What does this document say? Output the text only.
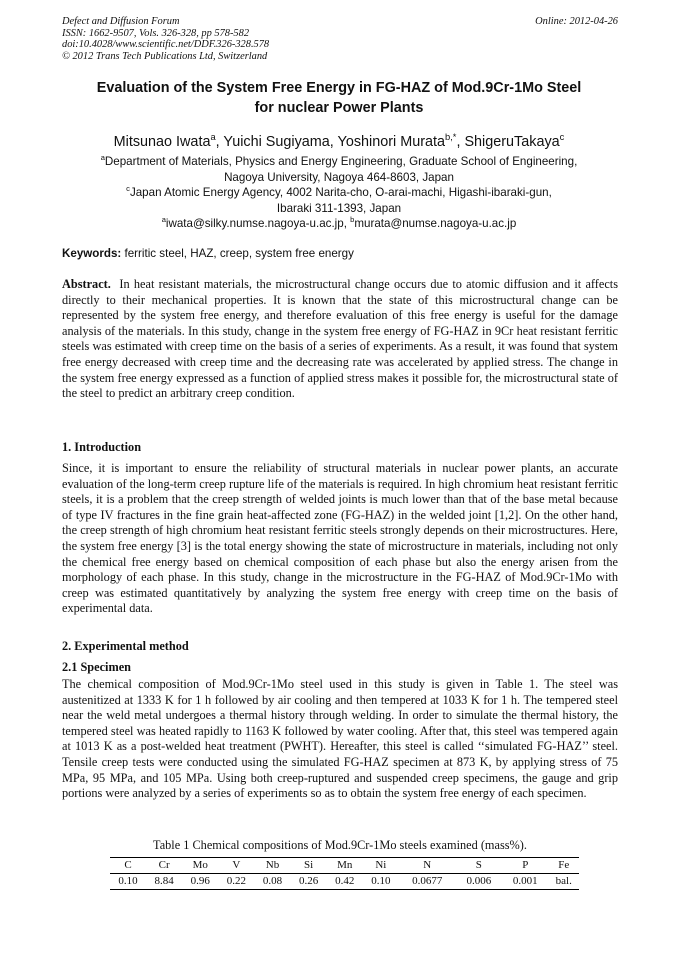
Defect and Diffusion Forum
ISSN: 1662-9507, Vols. 326-328, pp 578-582
doi:10.4028/www.scientific.net/DDF.326-328.578
© 2012 Trans Tech Publications Ltd, Switzerland
Online: 2012-04-26
Evaluation of the System Free Energy in FG-HAZ of Mod.9Cr-1Mo Steel
for nuclear Power Plants
Mitsunao Iwata$^a$, Yuichi Sugiyama, Yoshinori Murata$^{b,*}$, ShigeruTakaya$^c$
$^a$Department of Materials, Physics and Energy Engineering, Graduate School of Engineering,
Nagoya University, Nagoya 464-8603, Japan
$^c$Japan Atomic Energy Agency, 4002 Narita-cho, O-arai-machi, Higashi-ibaraki-gun,
Ibaraki 311-1393, Japan
$^a$iwata@silky.numse.nagoya-u.ac.jp, $^b$murata@numse.nagoya-u.ac.jp
Keywords: ferritic steel, HAZ, creep, system free energy
Abstract. In heat resistant materials, the microstructural change occurs due to atomic diffusion and it affects directly to their mechanical properties. It is known that the state of this microstructural change can be represented by the system free energy, and therefore evaluation of this free energy is useful for the damage analysis of the materials. In this study, change in the system free energy of FG-HAZ in 9Cr heat resistant ferritic steels was estimated with creep time on the basis of a series of experiments. As a result, it was found that system free energy decreased with creep time and the decreasing rate was accelerated by applied stress. The change in the system free energy expressed as a function of applied stress makes it possible for, the microstructural state of the steel to predict an arbitrary creep condition.
1. Introduction
Since, it is important to ensure the reliability of structural materials in nuclear power plants, an accurate evaluation of the long-term creep rupture life of the materials is required. In high chromium heat resistant ferritic steels, it is a problem that the creep strength of welded joints is much lower than that of the base metal because of type IV fractures in the fine grain heat-affected zone (FG-HAZ) in the welded joint [1,2]. On the other hand, the creep strength of high chromium heat resistant ferritic steels strongly depends on their microstructures. Here, the system free energy [3] is the total energy showing the state of microstructure in materials, including not only the chemical free energy based on chemical composition of each phase but also the energy arisen from the morphology of each phase. In this study, change in the microstructure in the FG-HAZ of Mod.9Cr-1Mo with creep was estimated quantitatively by analyzing the system free energy with creep time on the basis of experimental data.
2. Experimental method
2.1 Specimen
The chemical composition of Mod.9Cr-1Mo steel used in this study is given in Table 1. The steel was austenitized at 1333 K for 1 h followed by air cooling and then tempered at 1033 K for 1 h. The tempered steel near the weld metal undergoes a thermal history through welding. In order to simulate the thermal history, the tempered steel was heated rapidly to 1163 K followed by water cooling. After that, this steel was tempered again at 1013 K as a post-welded heat treatment (PWHT). Hereafter, this steel is called ‘‘simulated FG-HAZ’’ steel. Tensile creep tests were conducted using the simulated FG-HAZ specimen at 873 K, by applying stress of 75 MPa, 95 MPa, and 105 MPa. Using both creep-ruptured and suspended creep specimens, the gauge and grip portions were analyzed by a series of experiments so as to obtain the system free energy of each specimen.
Table 1 Chemical compositions of Mod.9Cr-1Mo steels examined (mass%).
C	Cr	Mo	V	Nb	Si	Mn	Ni	N	S	P	Fe
0.10	8.84	0.96	0.22	0.08	0.26	0.42	0.10	0.0677	0.006	0.001	bal.
